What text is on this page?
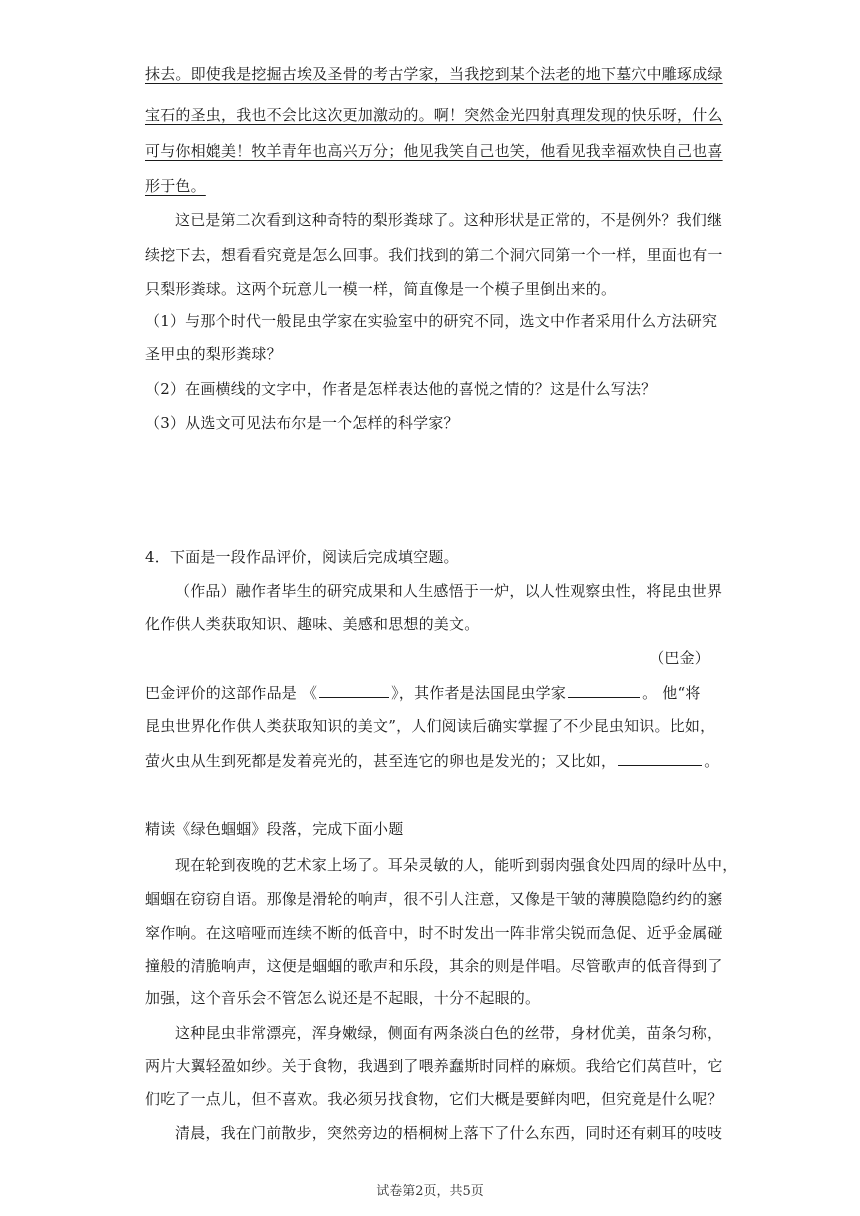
抹去。即使我是挖掘古埃及圣骨的考古学家，当我挖到某个法老的地下墓穴中雕琢成绿
宝石的圣虫，我也不会比这次更加激动的。啊！突然金光四射真理发现的快乐呀，什么
可与你相媲美！牧羊青年也高兴万分；他见我笑自己也笑，他看见我幸福欢快自己也喜
形于色。
这已是第二次看到这种奇特的梨形粪球了。这种形状是正常的，不是例外？我们继
续挖下去，想看看究竟是怎么回事。我们找到的第二个洞穴同第一个一样，里面也有一
只梨形粪球。这两个玩意儿一模一样，简直像是一个模子里倒出来的。
（1）与那个时代一般昆虫学家在实验室中的研究不同，选文中作者采用什么方法研究
圣甲虫的梨形粪球？
（2）在画横线的文字中，作者是怎样表达他的喜悦之情的？这是什么写法？
（3）从选文可见法布尔是一个怎样的科学家？
4．下面是一段作品评价，阅读后完成填空题。
（作品）融作者毕生的研究成果和人生感悟于一炉，以人性观察虫性，将昆虫世界
化作供人类获取知识、趣味、美感和思想的美文。
（巴金）
巴金评价的这部作品是 《	》，其作者是法国昆虫学家	。 他“将
昆虫世界化作供人类获取知识的美文”，人们阅读后确实掌握了不少昆虫知识。比如，
萤火虫从生到死都是发着亮光的，甚至连它的卵也是发光的；又比如，	。
精读《绿色蝈蝈》段落，完成下面小题
现在轮到夜晚的艺术家上场了。耳朵灵敏的人，能听到弱肉强食处四周的绿叶丛中，
蝈蝈在窃窃自语。那像是滑轮的响声，很不引人注意，又像是干皱的薄膜隐隐约约的窸
窣作响。在这喑哑而连续不断的低音中，时不时发出一阵非常尖锐而急促、近乎金属碰
撞般的清脆响声，这便是蝈蝈的歌声和乐段，其余的则是伴唱。尽管歌声的低音得到了
加强，这个音乐会不管怎么说还是不起眼，十分不起眼的。
这种昆虫非常漂亮，浑身嫩绿，侧面有两条淡白色的丝带，身材优美，苗条匀称，
两片大翼轻盈如纱。关于食物，我遇到了喂养蠢斯时同样的麻烦。我给它们莴苣叶，它
们吃了一点儿，但不喜欢。我必须另找食物，它们大概是要鲜肉吧，但究竟是什么呢？
清晨，我在门前散步，突然旁边的梧桐树上落下了什么东西，同时还有刺耳的吱吱
试卷第2页，共5页
